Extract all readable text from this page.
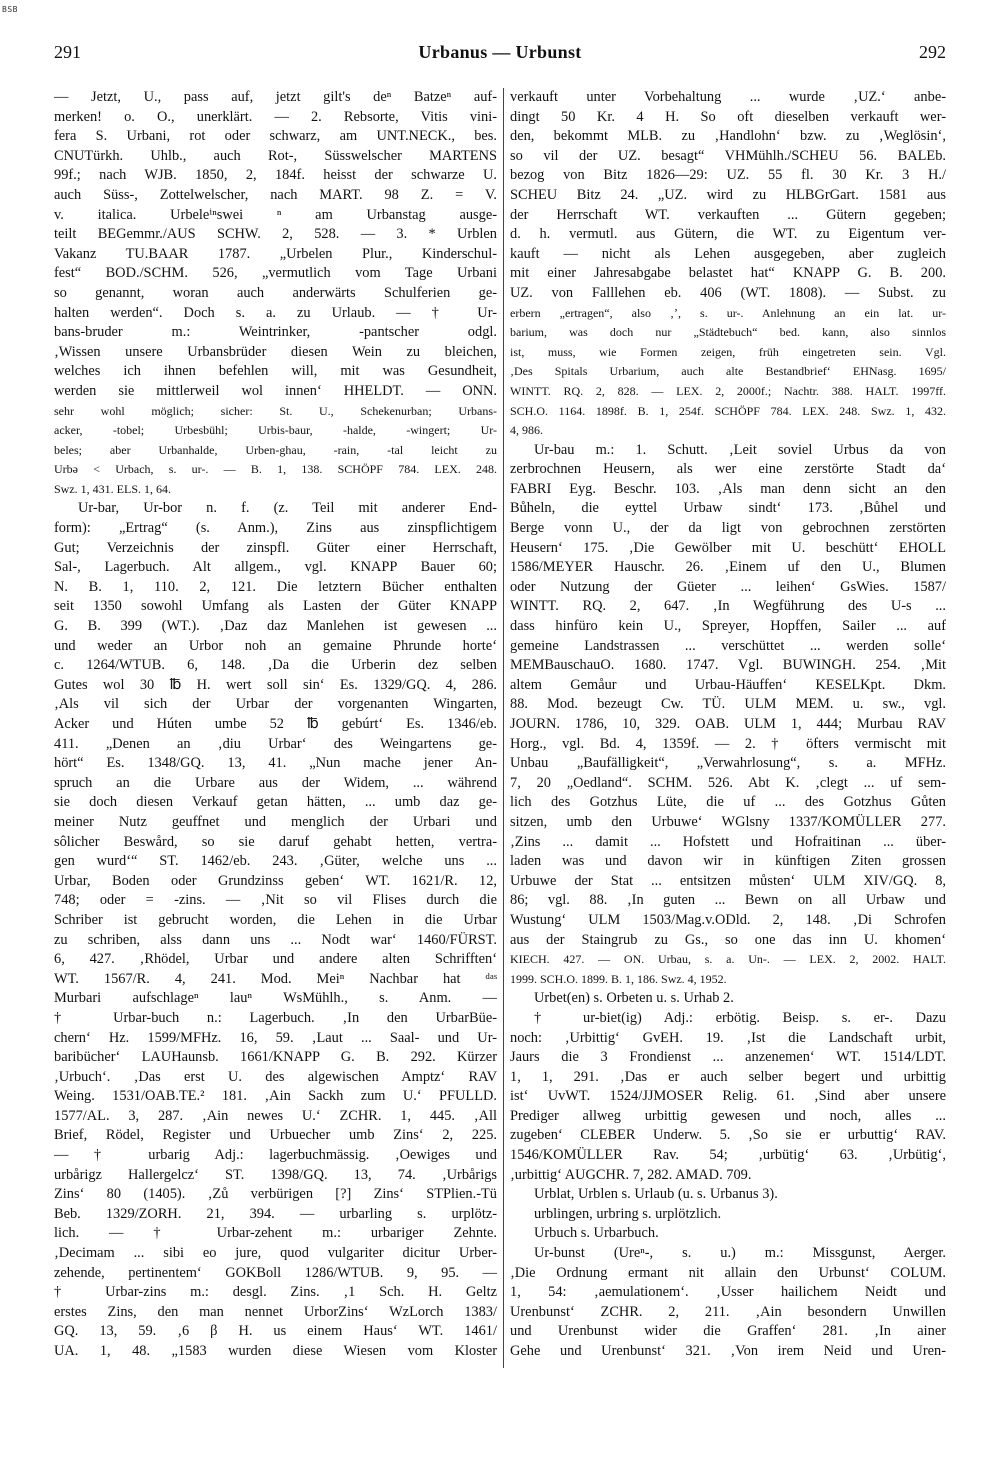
BSB
291	Urbanus — Urbunst	292
— Jetzt, U., pass auf, jetzt gilt's deⁿ Batzeⁿ auf-
merken! o. O., unerklärt. — 2. Rebsorte, Vitis vini-
fera S. Urbani, rot oder schwarz, am UNT.NECK., bes.
CNUTürkh. Uhlb., auch Rot-, Süsswelscher MARTENS
99f.; nach WJB. 1850, 2, 184f. heisst der schwarze U.
auch Süss-, Zottelwelscher, nach MART. 98 Z. = V.
v. italica. Urbeleⁱⁿswei ⁿ am Urbanstag ausge-
teilt BEGemmr./AUS SCHW. 2, 528. — 3. * Urblen
Vakanz TU.BAAR 1787. „Urbelen Plur., Kinderschul-
fest“ BOD./SCHM. 526, „vermutlich vom Tage Urbani
so genannt, woran auch anderwärts Schulferien ge-
halten werden“. Doch s. a. zu Urlaub. — † Ur-
bans-bruder m.: Weintrinker, -pantscher odgl.
‚Wissen unsere Urbansbrüder diesen Wein zu bleichen,
welches ich ihnen befehlen will, mit was Gesundheit,
werden sie mittlerweil wol innen‘ HHELDT. — ONN.
sehr wohl möglich; sicher: St. U., Schekenurban; Urbans-
acker, -tobel; Urbesbühl; Urbis-baur, -halde, -wingert; Ur-
beles; aber Urbanhalde, Urben-ghau, -rain, -tal leicht zu
Urbə < Urbach, s. ur-. — B. 1, 138. SCHÖPF 784. LEX. 248.
Swz. 1, 431. ELS. 1, 64.
Ur-bar, Ur-bor n. f. (z. Teil mit anderer End-
form): „Ertrag“ (s. Anm.), Zins aus zinspflichtigem
Gut; Verzeichnis der zinspfl. Güter einer Herrschaft,
Sal-, Lagerbuch. Alt allgem., vgl. KNAPP Bauer 60;
N. B. 1, 110. 2, 121. Die letztern Bücher enthalten
seit 1350 sowohl Umfang als Lasten der Güter KNAPP
G. B. 399 (WT.). ‚Daz daz Manlehen ist gewesen ...
und weder an Urbor noh an gemaine Phrunde horte‘
c. 1264/WTUB. 6, 148. ‚Da die Urberin dez selben
Gutes wol 30 ℔ H. wert soll sin‘ Es. 1329/GQ. 4, 286.
‚Als vil sich der Urbar der vorgenanten Wingarten,
Acker und Húten umbe 52 ℔ gebúrt‘ Es. 1346/eb.
411. „Denen an ‚diu Urbar‘ des Weingartens ge-
hört“ Es. 1348/GQ. 13, 41. „Nun mache jener An-
spruch an die Urbare aus der Widem, ... während
sie doch diesen Verkauf getan hätten, ... umb daz ge-
meiner Nutz geuffnet und menglich der Urbari und
sôlicher Beswård, so sie daruf gehabt hetten, vertra-
gen wurd‘“ ST. 1462/eb. 243. ‚Güter, welche uns ...
Urbar, Boden oder Grundzinss geben‘ WT. 1621/R. 12,
748; oder = -zins. — ‚Nit so vil Flises durch die
Schriber ist gebrucht worden, die Lehen in die Urbar
zu schriben, alss dann uns ... Nodt war‘ 1460/FÜRST.
6, 427. ‚Rhödel, Urbar und andere alten Schrifften‘
WT. 1567/R. 4, 241. Mod. Meiⁿ Nachbar hat ᵈᵃˢ
Murbari aufschlageⁿ lauⁿ WsMühlh., s. Anm. —
† Urbar-buch n.: Lagerbuch. ‚In den UrbarBüe-
chern‘ Hz. 1599/MFHz. 16, 59. ‚Laut ... Saal- und Ur-
baribücher‘ LAUHaunsb. 1661/KNAPP G. B. 292. Kürzer
‚Urbuch‘. ‚Das erst U. des algewischen Amptz‘ RAV
Weing. 1531/OAB.TE.² 181. ‚Ain Sackh zum U.‘ PFULLD.
1577/AL. 3, 287. ‚Ain newes U.‘ ZCHR. 1, 445. ‚All
Brief, Rödel, Register und Urbuecher umb Zins‘ 2, 225.
— † urbarig Adj.: lagerbuchmässig. ‚Oewiges und
urbårigz Hallergelcz‘ ST. 1398/GQ. 13, 74. ‚Urbårigs
Zins‘ 80 (1405). ‚Zů verbürigen [?] Zins‘ STPlien.-Tü
Beb. 1329/ZORH. 21, 394. — urbarling s. urplötz-
lich. — † Urbar-zehent m.: urbariger Zehnte.
‚Decimam ... sibi eo jure, quod vulgariter dicitur Urber-
zehende, pertinentem‘ GOKBoll 1286/WTUB. 9, 95. —
† Urbar-zins m.: desgl. Zins. ‚1 Sch. H. Geltz
erstes Zins, den man nennet UrborZins‘ WzLorch 1383/
GQ. 13, 59. ‚6 β H. us einem Haus‘ WT. 1461/
UA. 1, 48. „1583 wurden diese Wiesen vom Kloster
verkauft unter Vorbehaltung ... wurde ‚UZ.‘ anbe-
dingt 50 Kr. 4 H. So oft dieselben verkauft wer-
den, bekommt MLB. zu ‚Handlohn‘ bzw. zu ‚Weglösin‘,
so vil der UZ. besagt“ VHMühlh./SCHEU 56. BALEb.
bezog von Bitz 1826—29: UZ. 55 fl. 30 Kr. 3 H./
SCHEU Bitz 24. „UZ. wird zu HLBGrGart. 1581 aus
der Herrschaft WT. verkauften ... Gütern gegeben;
d. h. vermutl. aus Gütern, die WT. zu Eigentum ver-
kauft — nicht als Lehen ausgegeben, aber zugleich
mit einer Jahresabgabe belastet hat“ KNAPP G. B. 200.
UZ. von Falllehen eb. 406 (WT. 1808). — Subst. zu
erbern „ertragen“, also ‚ʼ, s. ur-. Anlehnung an ein lat. ur-
barium, was doch nur „Städtebuch“ bed. kann, also sinnlos
ist, muss, wie Formen zeigen, früh eingetreten sein. Vgl.
‚Des Spitals Urbarium, auch alte Bestandbrief‘ EHNasg. 1695/
WINTT. RQ. 2, 828. — LEX. 2, 2000f.; Nachtr. 388. HALT. 1997ff.
SCH.O. 1164. 1898f. B. 1, 254f. SCHÖPF 784. LEX. 248. Swz. 1, 432.
4, 986.
Ur-bau m.: 1. Schutt. ‚Leit soviel Urbus da von
zerbrochnen Heusern, als wer eine zerstörte Stadt da‘
FABRI Eyg. Beschr. 103. ‚Als man denn sicht an den
Bůheln, die eyttel Urbaw sindt‘ 173. ‚Bůhel und
Berge vonn U., der da ligt von gebrochnen zerstörten
Heusern‘ 175. ‚Die Gewölber mit U. beschütt‘ EHOLL
1586/MEYER Hauschr. 26. ‚Einem uf den U., Blumen
oder Nutzung der Güeter ... leihen‘ GsWies. 1587/
WINTT. RQ. 2, 647. ‚In Wegführung des U-s ...
dass hinfüro kein U., Spreyer, Hopffen, Sailer ... auf
gemeine Landstrassen ... verschüttet ... werden solle‘
MEMBauschauO. 1680. 1747. Vgl. BUWINGH. 254. ‚Mit
altem Gemåur und Urbau-Häuffen‘ KESELKpt. Dkm.
88. Mod. bezeugt Cw. TÜ. ULM MEM. u. sw., vgl.
JOURN. 1786, 10, 329. OAB. ULM 1, 444; Murbau RAV
Horg., vgl. Bd. 4, 1359f. — 2. † öfters vermischt mit
Unbau „Baufälligkeit“, „Verwahrlosung“, s. a. MFHz.
7, 20 „Oedland“. SCHM. 526. Abt K. ‚clegt ... uf sem-
lich des Gotzhus Lüte, die uf ... des Gotzhus Gůten
sitzen, umb den Urbuwe‘ WGlsny 1337/KOMÜLLER 277.
‚Zins ... damit ... Hofstett und Hofraitinan ... über-
laden was und davon wir in künftigen Ziten grossen
Urbuwe der Stat ... entsitzen můsten‘ ULM XIV/GQ. 8,
86; vgl. 88. ‚In guten ... Bewn on all Urbaw und
Wustung‘ ULM 1503/Mag.v.ODld. 2, 148. ‚Di Schrofen
aus der Staingrub zu Gs., so one das inn U. khomen‘
KIECH. 427. — ON. Urbau, s. a. Un-. — LEX. 2, 2002. HALT.
1999. SCH.O. 1899. B. 1, 186. Swz. 4, 1952.
Urbet(en) s. Orbeten u. s. Urhab 2.
† ur-biet(ig) Adj.: erbötig. Beisp. s. er-. Dazu
noch: ‚Urbittig‘ GvEH. 19. ‚Ist die Landschaft urbit,
Jaurs die 3 Frondienst ... anzenemen‘ WT. 1514/LDT.
1, 1, 291. ‚Das er auch selber begert und urbittig
ist‘ UvWT. 1524/JJMOSER Relig. 61. ‚Sind aber unsere
Prediger allweg urbittig gewesen und noch, alles ...
zugeben‘ CLEBER Underw. 5. ‚So sie er urbuttig‘ RAV.
1546/KOMÜLLER Rav. 54; ‚urbütig‘ 63. ‚Urbütig‘,
‚urbittig‘ AUGCHR. 7, 282. AMAD. 709.
Urblat, Urblen s. Urlaub (u. s. Urbanus 3).
urblingen, urbring s. urplötzlich.
Urbuch s. Urbarbuch.
Ur-bunst (Ureⁿ-, s. u.) m.: Missgunst, Aerger.
‚Die Ordnung ermant nit allain den Urbunst‘ COLUM.
1, 54: ‚aemulationem‘. ‚Usser hailichem Neidt und
Urenbunst‘ ZCHR. 2, 211. ‚Ain besondern Unwillen
und Urenbunst wider die Graffen‘ 281. ‚In ainer
Gehe und Urenbunst‘ 321. ‚Von irem Neid und Uren-
